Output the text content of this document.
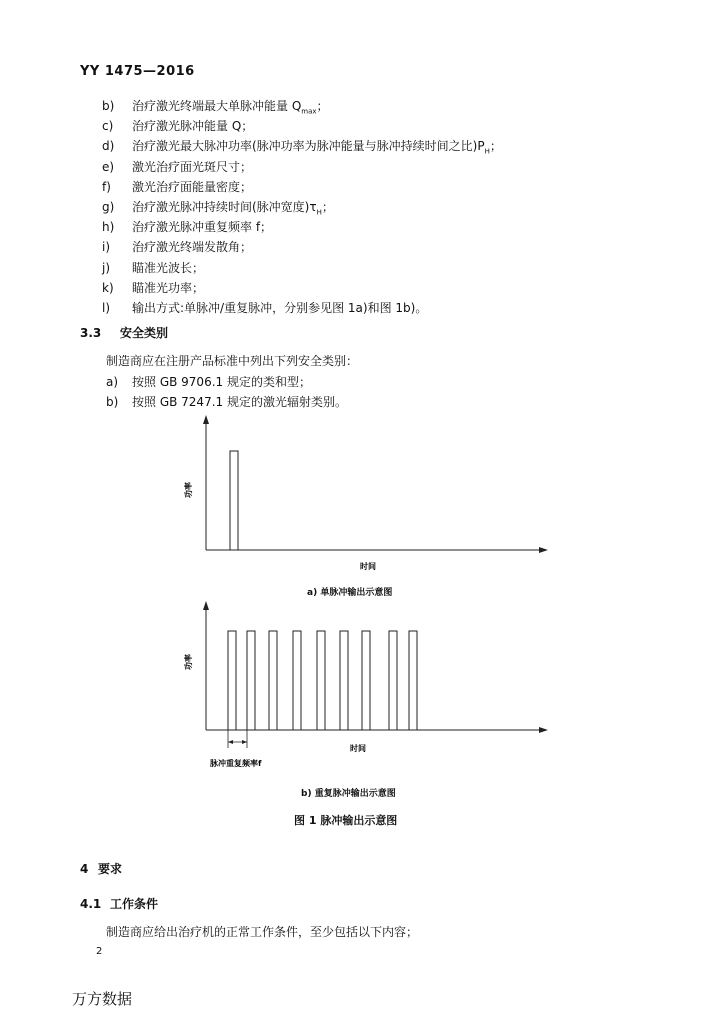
YY 1475—2016
b)	治疗激光终端最大单脉冲能量 $Q_{max}$；
c)	治疗激光脉冲能量 Q；
d)	治疗激光最大脉冲功率(脉冲功率为脉冲能量与脉冲持续时间之比)$P_H$；
e)	激光治疗面光斑尺寸；
f)	激光治疗面能量密度；
g)	治疗激光脉冲持续时间(脉冲宽度)$\tau_H$；
h)	治疗激光脉冲重复频率 f；
i)	治疗激光终端发散角；
j)	瞄准光波长；
k)	瞄准光功率；
l)	输出方式:单脉冲/重复脉冲，分别参见图 1a)和图 1b)。
3.3 安全类别
制造商应在注册产品标准中列出下列安全类别：
a) 按照 GB 9706.1 规定的类和型；
b) 按照 GB 7247.1 规定的激光辐射类别。
功率
时间
a) 单脉冲输出示意图
功率
时间
脉冲重复频率f
b) 重复脉冲输出示意图
图 1 脉冲输出示意图
4 要求
4.1 工作条件
制造商应给出治疗机的正常工作条件，至少包括以下内容；
2
万方数据
